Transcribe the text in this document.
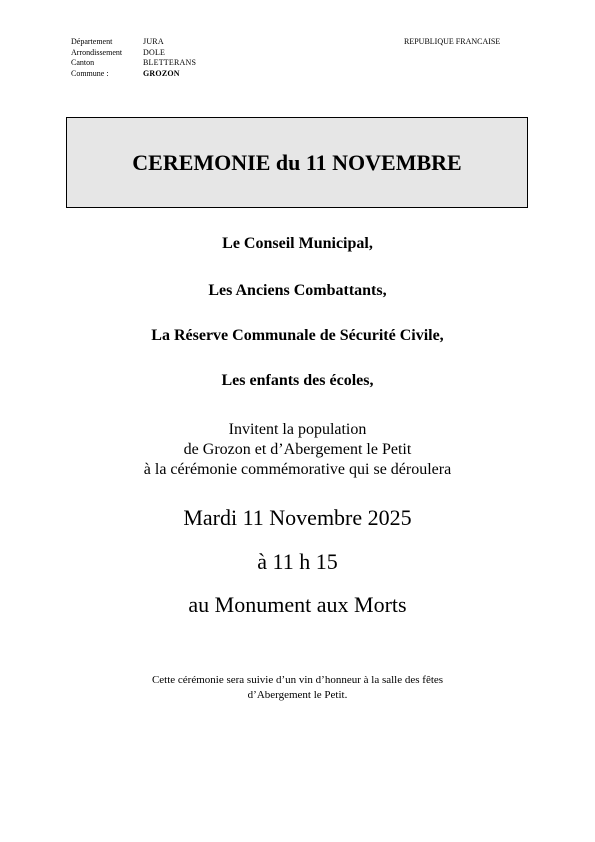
Département	JURA
Arrondissement	DOLE
Canton	BLETTERANS
Commune :	GROZON
REPUBLIQUE FRANCAISE
CEREMONIE du 11 NOVEMBRE
Le Conseil Municipal,
Les Anciens Combattants,
La Réserve Communale de Sécurité Civile,
Les enfants des écoles,
Invitent la population
de Grozon et d’Abergement le Petit
à la cérémonie commémorative qui se déroulera
Mardi 11 Novembre 2025
à 11 h 15
au Monument aux Morts
Cette cérémonie sera suivie d’un vin d’honneur à la salle des fêtes
d’Abergement le Petit.
